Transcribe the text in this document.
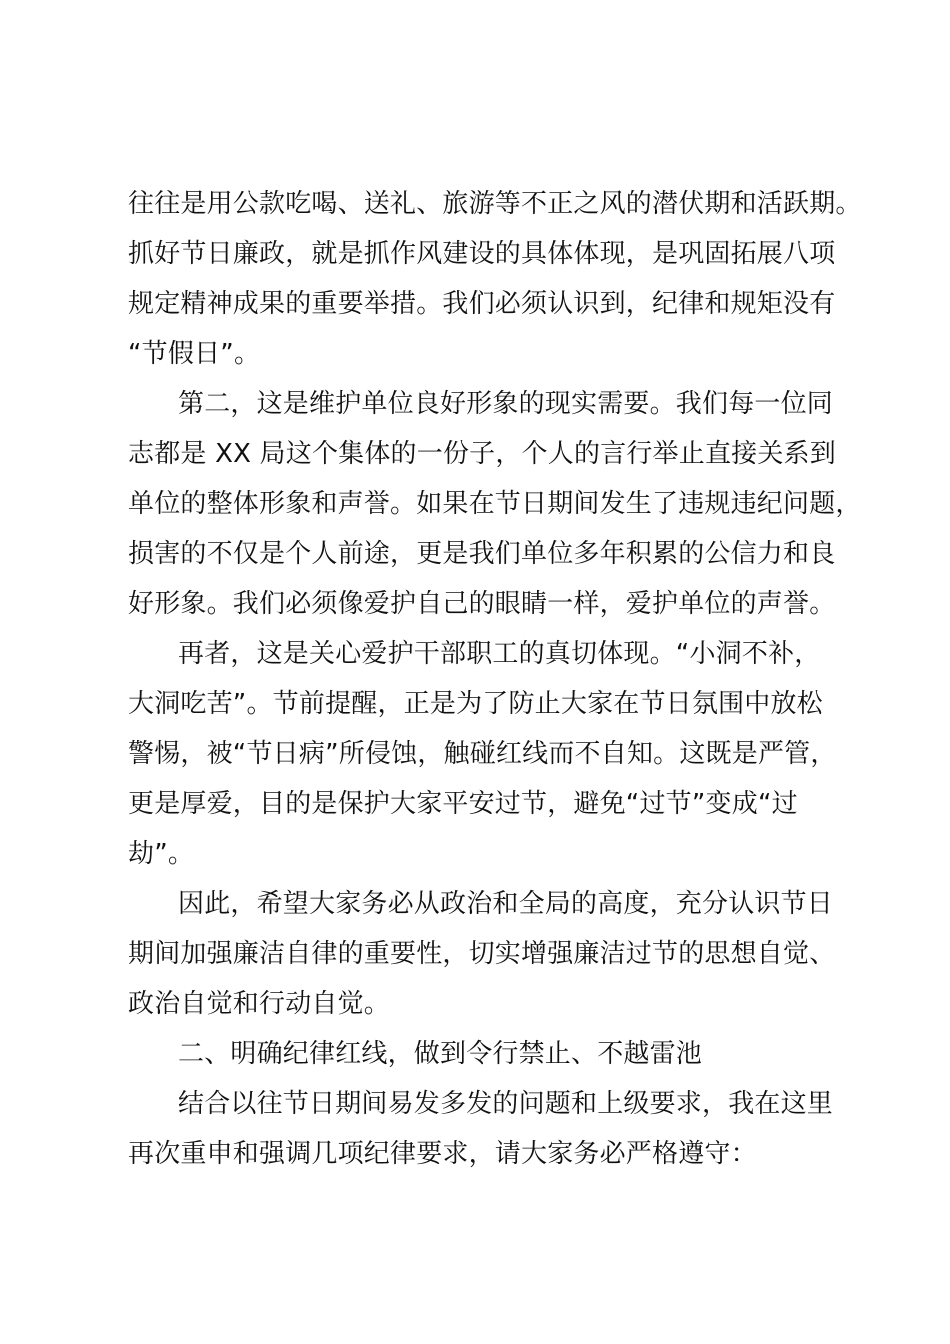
往往是用公款吃喝、送礼、旅游等不正之风的潜伏期和活跃期。
抓好节日廉政，就是抓作风建设的具体体现，是巩固拓展八项
规定精神成果的重要举措。我们必须认识到，纪律和规矩没有
“节假日”。
第二，这是维护单位良好形象的现实需要。我们每一位同
志都是 XX 局这个集体的一份子，个人的言行举止直接关系到
单位的整体形象和声誉。如果在节日期间发生了违规违纪问题，
损害的不仅是个人前途，更是我们单位多年积累的公信力和良
好形象。我们必须像爱护自己的眼睛一样，爱护单位的声誉。
再者，这是关心爱护干部职工的真切体现。“小洞不补，
大洞吃苦”。节前提醒，正是为了防止大家在节日氛围中放松
警惕，被“节日病”所侵蚀，触碰红线而不自知。这既是严管，
更是厚爱，目的是保护大家平安过节，避免“过节”变成“过
劫”。
因此，希望大家务必从政治和全局的高度，充分认识节日
期间加强廉洁自律的重要性，切实增强廉洁过节的思想自觉、
政治自觉和行动自觉。
二、明确纪律红线，做到令行禁止、不越雷池
结合以往节日期间易发多发的问题和上级要求，我在这里
再次重申和强调几项纪律要求，请大家务必严格遵守：
